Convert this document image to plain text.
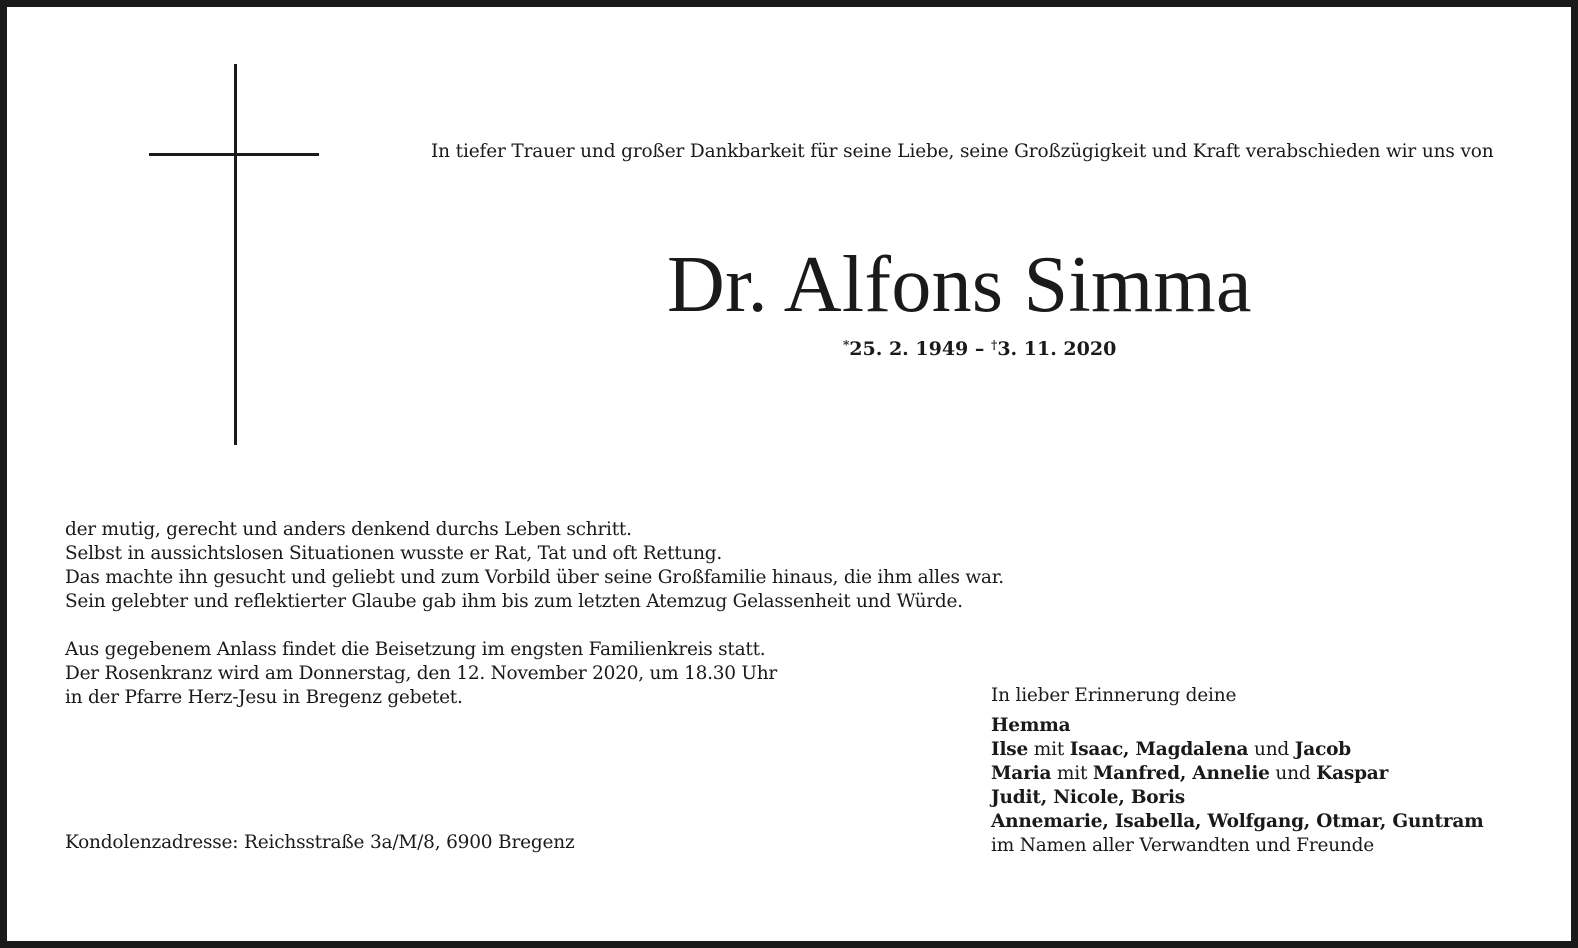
In tiefer Trauer und großer Dankbarkeit für seine Liebe, seine Großzügigkeit und Kraft verabschieden wir uns von
Dr. Alfons Simma
*25. 2. 1949 – †3. 11. 2020

der mutig, gerecht und anders denkend durchs Leben schritt.

Selbst in aussichtslosen Situationen wusste er Rat, Tat und oft Rettung.

Das machte ihn gesucht und geliebt und zum Vorbild über seine Großfamilie hinaus, die ihm alles war.

Sein gelebter und reflektierter Glaube gab ihm bis zum letzten Atemzug Gelassenheit und Würde.

Aus gegebenem Anlass findet die Beisetzung im engsten Familienkreis statt.

Der Rosenkranz wird am Donnerstag, den 12. November 2020, um 18.30 Uhr

in der Pfarre Herz-Jesu in Bregenz gebetet.

Kondolenzadresse: Reichsstraße 3a/M/8, 6900 Bregenz
In lieber Erinnerung deine
Hemma
Ilse mit Isaac, Magdalena und Jacob
Maria mit Manfred, Annelie und Kaspar
Judit, Nicole, Boris
Annemarie, Isabella, Wolfgang, Otmar, Guntram
im Namen aller Verwandten und Freunde
